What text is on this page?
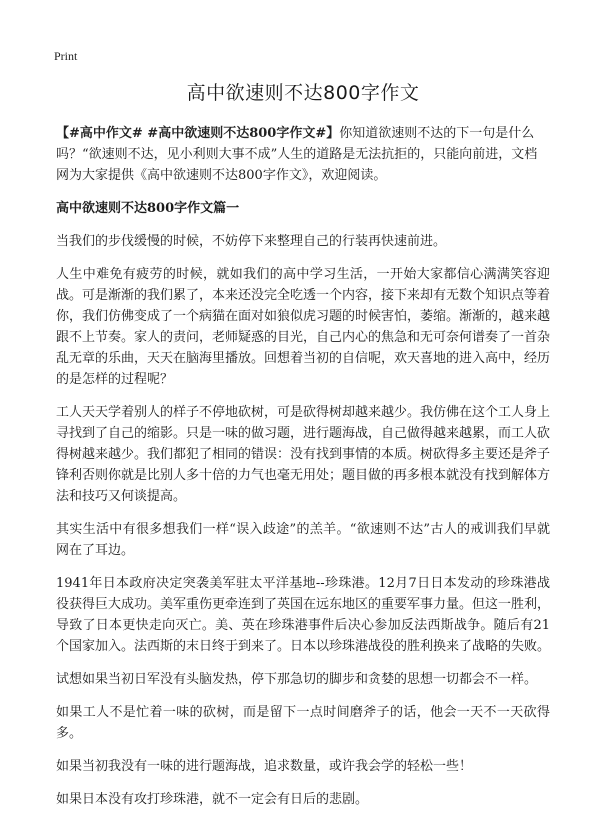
Print
高中欲速则不达800字作文

【#高中作文# #高中欲速则不达800字作文#】你知道欲速则不达的下一句是什么吗？“欲速则不达，见小利则大事不成”人生的道路是无法抗拒的，只能向前进，文档网为大家提供《高中欲速则不达800字作文》，欢迎阅读。

高中欲速则不达800字作文篇一

当我们的步伐缓慢的时候，不妨停下来整理自己的行装再快速前进。

人生中难免有疲劳的时候，就如我们的高中学习生活，一开始大家都信心满满笑容迎战。可是渐渐的我们累了，本来还没完全吃透一个内容，接下来却有无数个知识点等着你，我们仿佛变成了一个病猫在面对如狼似虎习题的时候害怕，萎缩。渐渐的，越来越跟不上节奏。家人的责问，老师疑惑的目光，自己内心的焦急和无可奈何谱奏了一首杂乱无章的乐曲，天天在脑海里播放。回想着当初的自信呢，欢天喜地的进入高中，经历的是怎样的过程呢？

工人天天学着别人的样子不停地砍树，可是砍得树却越来越少。我仿佛在这个工人身上寻找到了自己的缩影。只是一味的做习题，进行题海战，自己做得越来越累，而工人砍得树越来越少。我们都犯了相同的错误：没有找到事情的本质。树砍得多主要还是斧子锋利否则你就是比别人多十倍的力气也毫无用处；题目做的再多根本就没有找到解体方法和技巧又何谈提高。

其实生活中有很多想我们一样“误入歧途”的羔羊。“欲速则不达”古人的戒训我们早就网在了耳边。

1941年日本政府决定突袭美军驻太平洋基地--珍珠港。12月7日日本发动的珍珠港战役获得巨大成功。美军重伤更牵连到了英国在远东地区的重要军事力量。但这一胜利，导致了日本更快走向灭亡。美、英在珍珠港事件后决心参加反法西斯战争。随后有21个国家加入。法西斯的末日终于到来了。日本以珍珠港战役的胜利换来了战略的失败。

试想如果当初日军没有头脑发热，停下那急切的脚步和贪婪的思想一切都会不一样。

如果工人不是忙着一味的砍树，而是留下一点时间磨斧子的话，他会一天不一天砍得多。

如果当初我没有一味的进行题海战，追求数量，或许我会学的轻松一些！

如果日本没有攻打珍珠港，就不一定会有日后的悲剧。
